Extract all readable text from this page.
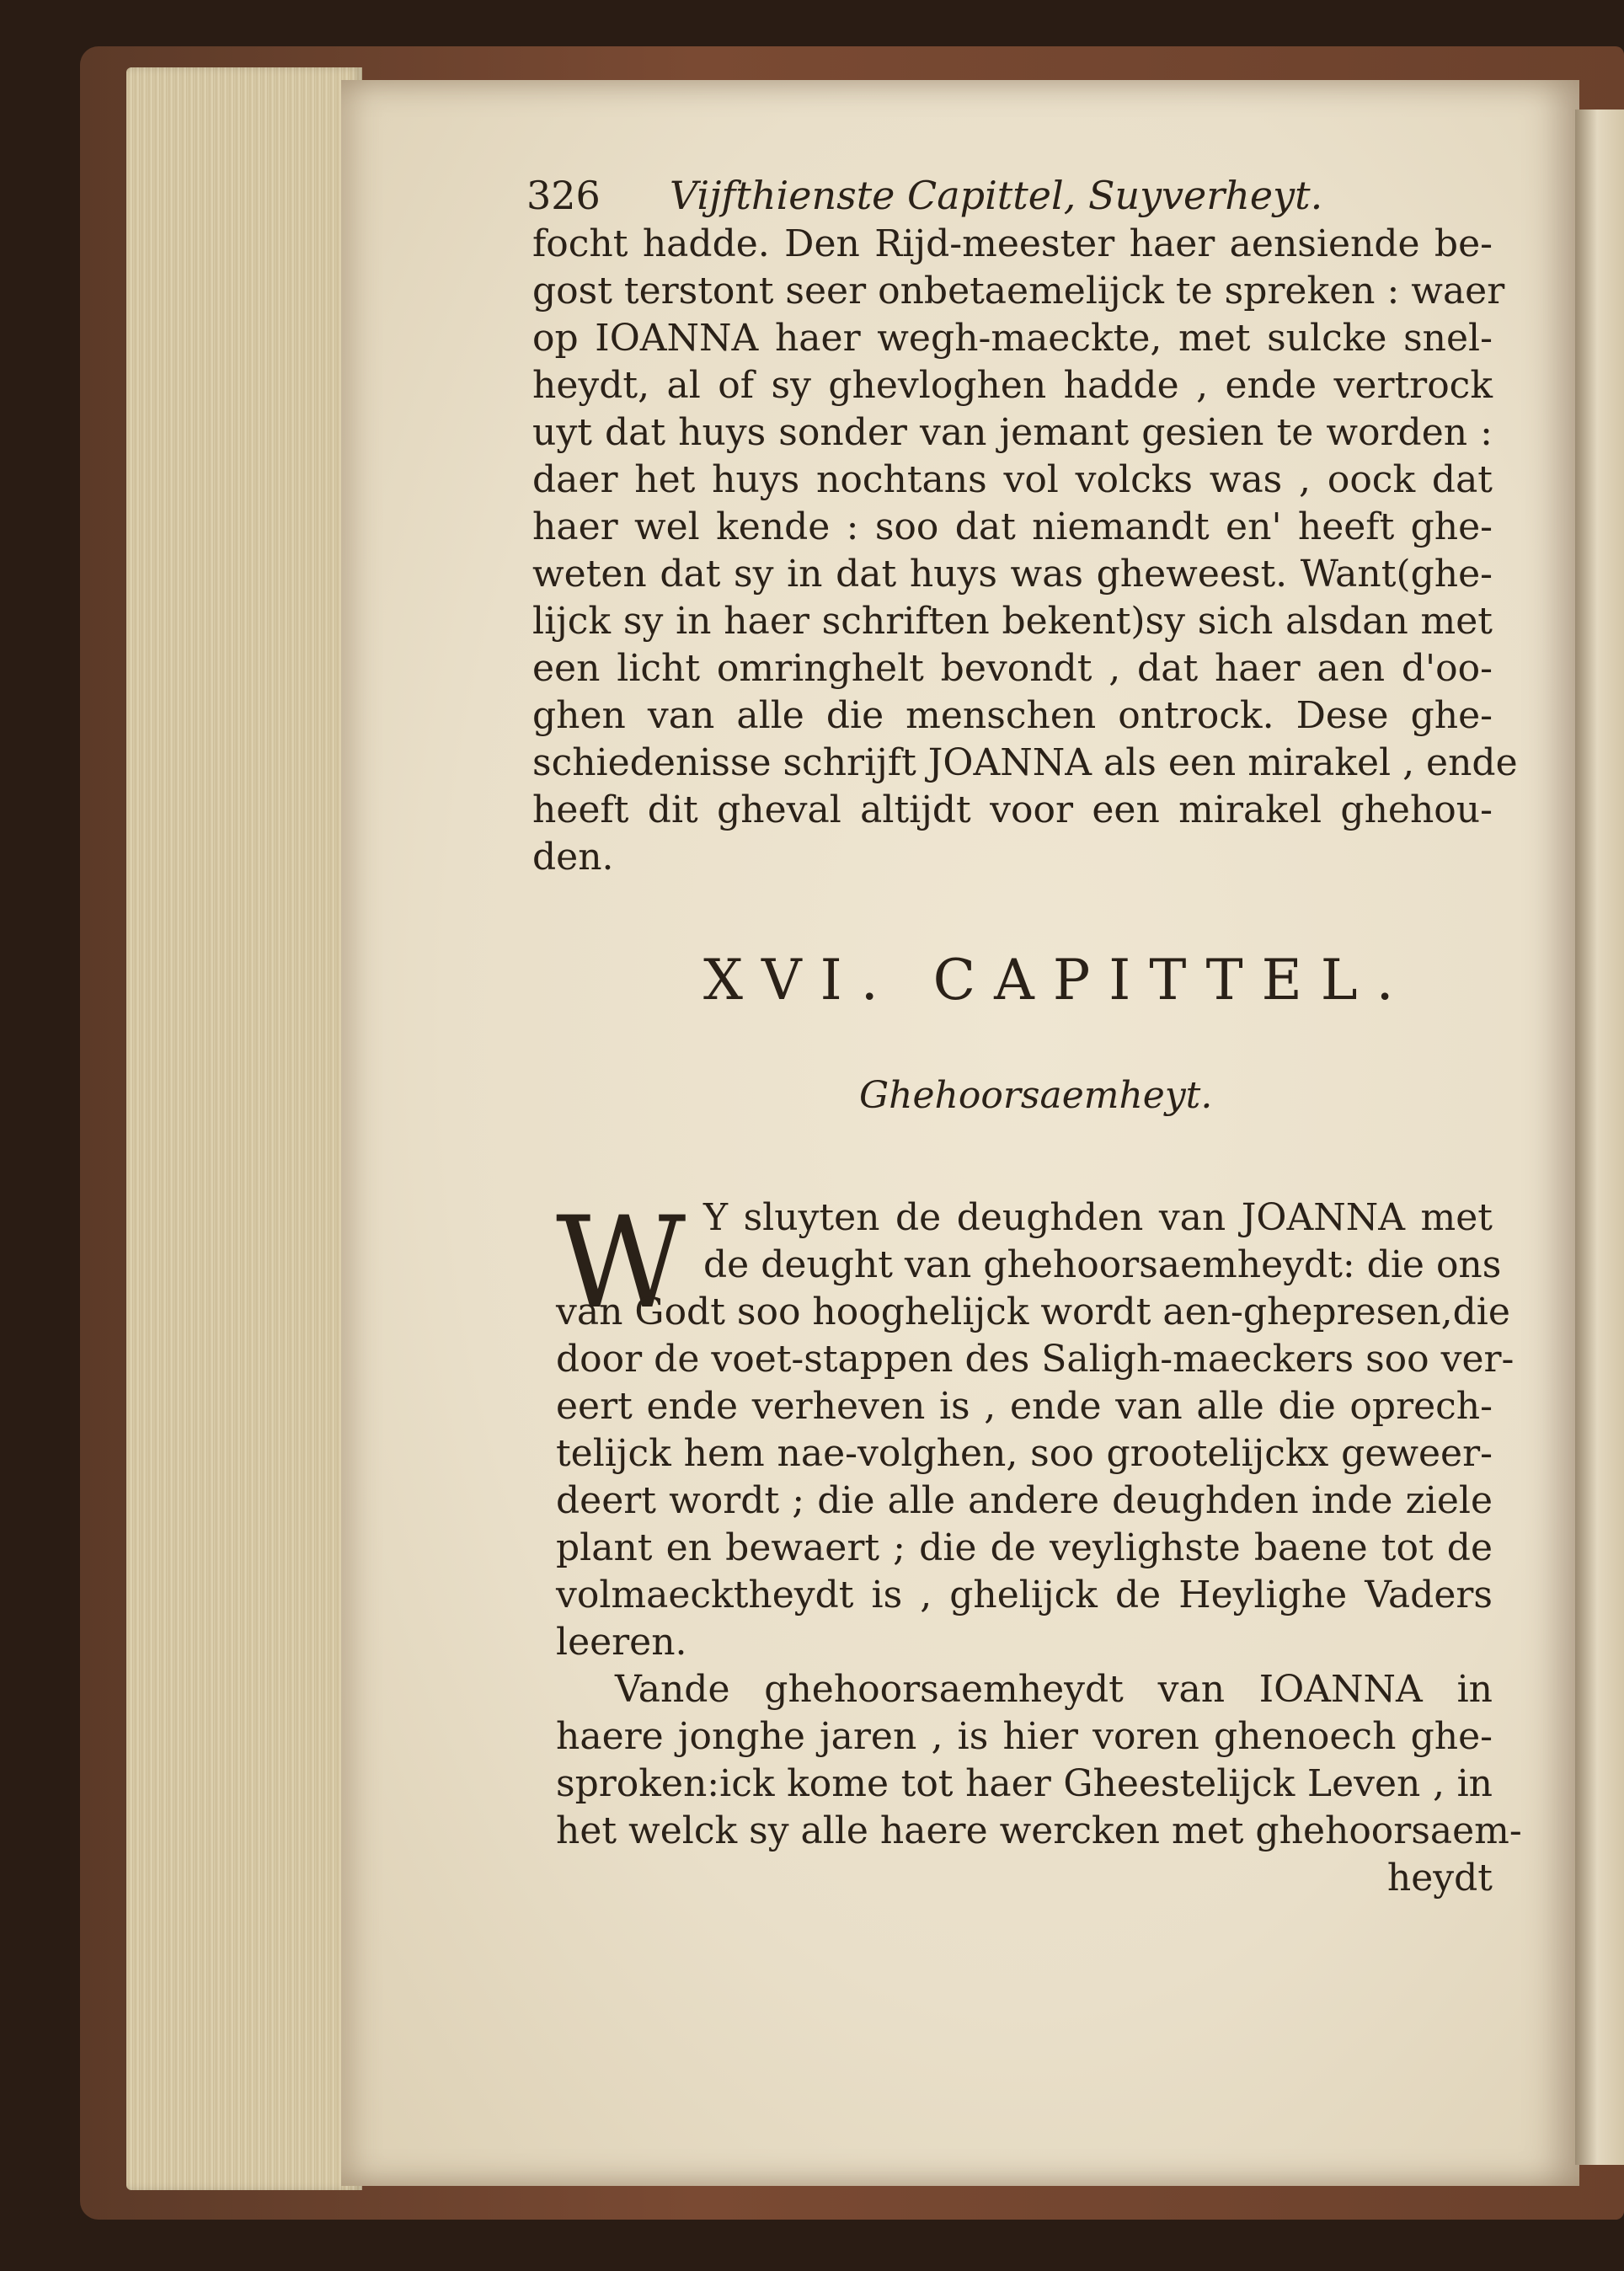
326 Vijfthienste Capittel, Suyverheyt.
focht hadde. Den Rijd-meester haer aensiende be-
gost terstont seer onbetaemelijck te spreken : waer
op IOANNA haer wegh-maeckte, met sulcke snel-
heydt, al of sy ghevloghen hadde , ende vertrock
uyt dat huys sonder van jemant gesien te worden :
daer het huys nochtans vol volcks was , oock dat
haer wel kende : soo dat niemandt en' heeft ghe-
weten dat sy in dat huys was gheweest. Want(ghe-
lijck sy in haer schriften bekent)sy sich alsdan met
een licht omringhelt bevondt , dat haer aen d'oo-
ghen van alle die menschen ontrock. Dese ghe-
schiedenisse schrijft JOANNA als een mirakel , ende
heeft dit gheval altijdt voor een mirakel ghehou-
den.
XVI. CAPITTEL.
Ghehoorsaemheyt.
W Y sluyten de deughden van JOANNA met
de deught van ghehoorsaemheydt: die ons
van Godt soo hooghelijck wordt aen-ghepresen,die
door de voet-stappen des Saligh-maeckers soo ver-
eert ende verheven is , ende van alle die oprech-
telijck hem nae-volghen, soo grootelijckx geweer-
deert wordt ; die alle andere deughden inde ziele
plant en bewaert ; die de veylighste baene tot de
volmaecktheydt is , ghelijck de Heylighe Vaders
leeren.
Vande ghehoorsaemheydt van IOANNA in
haere jonghe jaren , is hier voren ghenoech ghe-
sproken:ick kome tot haer Gheestelijck Leven , in
het welck sy alle haere wercken met ghehoorsaem-
heydt
